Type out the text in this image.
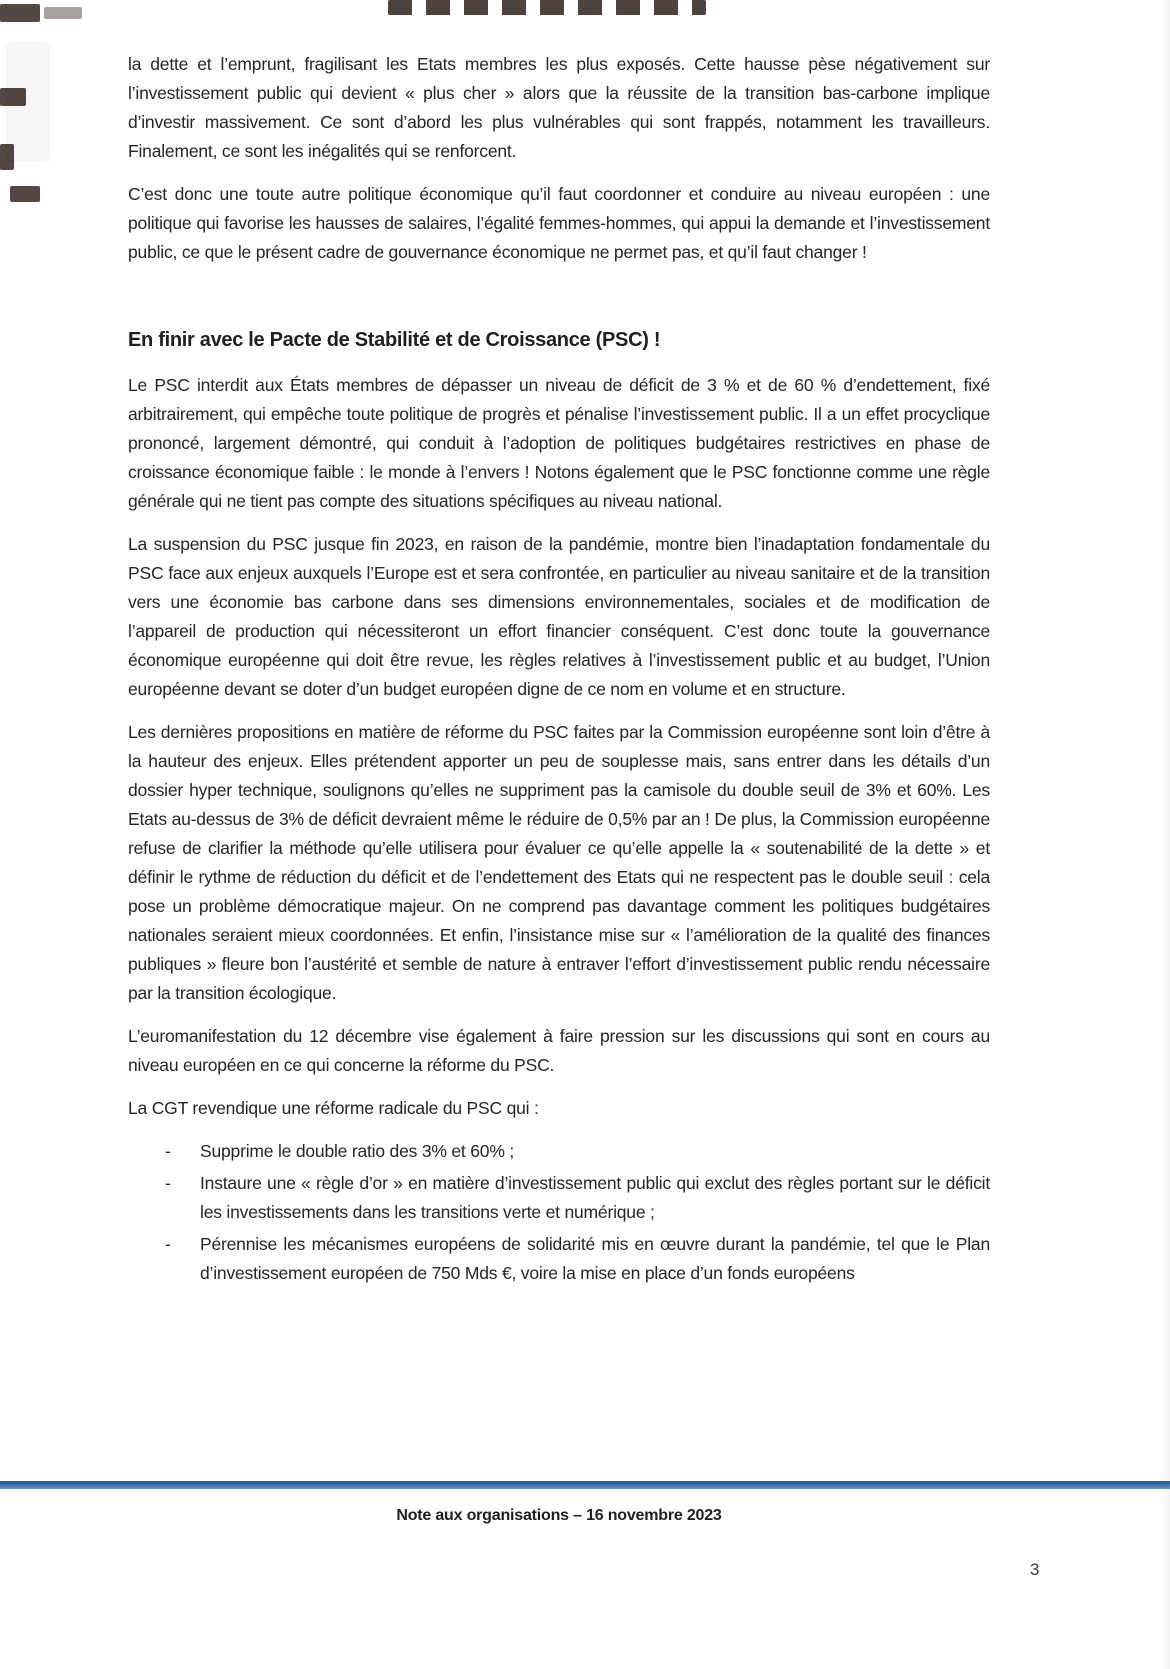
la dette et l’emprunt, fragilisant les Etats membres les plus exposés. Cette hausse pèse négativement sur l’investissement public qui devient « plus cher » alors que la réussite de la transition bas-carbone implique d’investir massivement. Ce sont d’abord les plus vulnérables qui sont frappés, notamment les travailleurs. Finalement, ce sont les inégalités qui se renforcent.

C’est donc une toute autre politique économique qu’il faut coordonner et conduire au niveau européen : une politique qui favorise les hausses de salaires, l’égalité femmes-hommes, qui appui la demande et l’investissement public, ce que le présent cadre de gouvernance économique ne permet pas, et qu’il faut changer !

En finir avec le Pacte de Stabilité et de Croissance (PSC) !

Le PSC interdit aux États membres de dépasser un niveau de déficit de 3 % et de 60 % d’endettement, fixé arbitrairement, qui empêche toute politique de progrès et pénalise l’investissement public. Il a un effet procyclique prononcé, largement démontré, qui conduit à l’adoption de politiques budgétaires restrictives en phase de croissance économique faible : le monde à l’envers ! Notons également que le PSC fonctionne comme une règle générale qui ne tient pas compte des situations spécifiques au niveau national.

La suspension du PSC jusque fin 2023, en raison de la pandémie, montre bien l’inadaptation fondamentale du PSC face aux enjeux auxquels l’Europe est et sera confrontée, en particulier au niveau sanitaire et de la transition vers une économie bas carbone dans ses dimensions environnementales, sociales et de modification de l’appareil de production qui nécessiteront un effort financier conséquent. C’est donc toute la gouvernance économique européenne qui doit être revue, les règles relatives à l’investissement public et au budget, l’Union européenne devant se doter d’un budget européen digne de ce nom en volume et en structure.

Les dernières propositions en matière de réforme du PSC faites par la Commission européenne sont loin d’être à la hauteur des enjeux. Elles prétendent apporter un peu de souplesse mais, sans entrer dans les détails d’un dossier hyper technique, soulignons qu’elles ne suppriment pas la camisole du double seuil de 3% et 60%. Les Etats au-dessus de 3% de déficit devraient même le réduire de 0,5% par an ! De plus, la Commission européenne refuse de clarifier la méthode qu’elle utilisera pour évaluer ce qu’elle appelle la « soutenabilité de la dette » et définir le rythme de réduction du déficit et de l’endettement des Etats qui ne respectent pas le double seuil : cela pose un problème démocratique majeur. On ne comprend pas davantage comment les politiques budgétaires nationales seraient mieux coordonnées. Et enfin, l’insistance mise sur « l’amélioration de la qualité des finances publiques » fleure bon l’austérité et semble de nature à entraver l’effort d’investissement public rendu nécessaire par la transition écologique.

L’euromanifestation du 12 décembre vise également à faire pression sur les discussions qui sont en cours au niveau européen en ce qui concerne la réforme du PSC.

La CGT revendique une réforme radicale du PSC qui :

-	Supprime le double ratio des 3% et 60% ;
-	Instaure une « règle d’or » en matière d’investissement public qui exclut des règles portant sur le déficit les investissements dans les transitions verte et numérique ;
-	Pérennise les mécanismes européens de solidarité mis en œuvre durant la pandémie, tel que le Plan d’investissement européen de 750 Mds €, voire la mise en place d’un fonds européens
Note aux organisations – 16 novembre 2023
3
